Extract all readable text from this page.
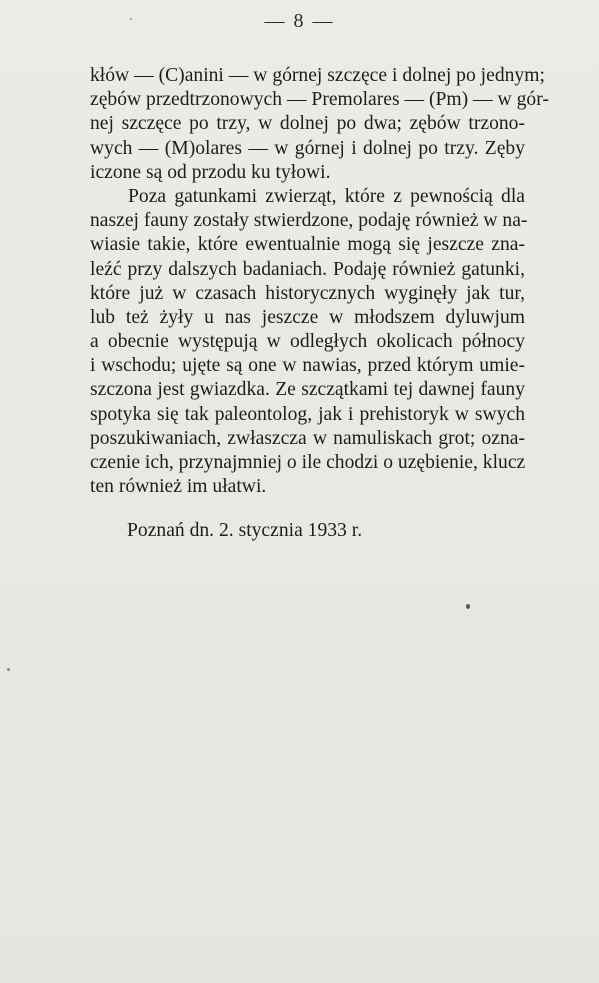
— 8 —
kłów — (C)anini — w górnej szczęce i dolnej po jednym;
zębów przedtrzonowych — Premolares — (Pm) — w gór-
nej szczęce po trzy, w dolnej po dwa; zębów trzono-
wych — (M)olares — w górnej i dolnej po trzy. Zęby
iczone są od przodu ku tyłowi.
Poza gatunkami zwierząt, które z pewnością dla
naszej fauny zostały stwierdzone, podaję również w na-
wiasie takie, które ewentualnie mogą się jeszcze zna-
leźć przy dalszych badaniach. Podaję również gatunki,
które już w czasach historycznych wyginęły jak tur,
lub też żyły u nas jeszcze w młodszem dyluwjum
a obecnie występują w odległych okolicach północy
i wschodu; ujęte są one w nawias, przed którym umie-
szczona jest gwiazdka. Ze szczątkami tej dawnej fauny
spotyka się tak paleontolog, jak i prehistoryk w swych
poszukiwaniach, zwłaszcza w namuliskach grot; ozna-
czenie ich, przynajmniej o ile chodzi o uzębienie, klucz
ten również im ułatwi.
Poznań dn. 2. stycznia 1933 r.
